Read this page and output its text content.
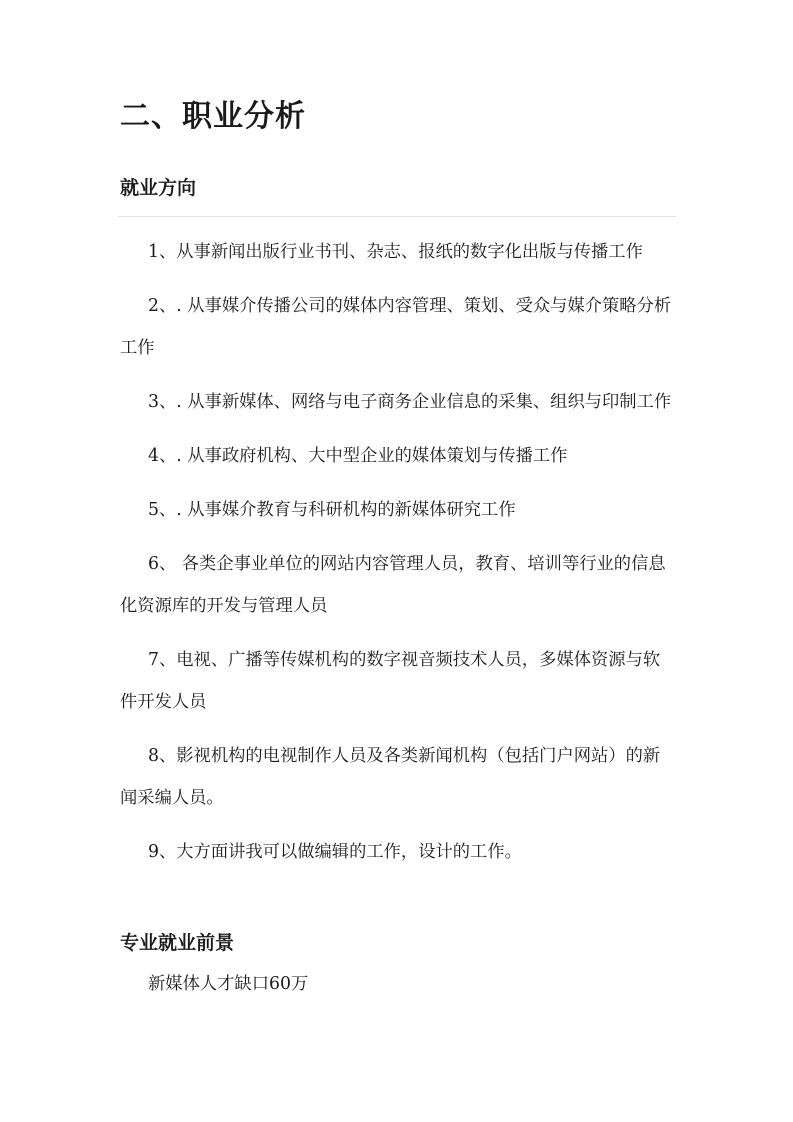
二、职业分析
就业方向
1、从事新闻出版行业书刊、杂志、报纸的数字化出版与传播工作
2、. 从事媒介传播公司的媒体内容管理、策划、受众与媒介策略分析工作
3、. 从事新媒体、网络与电子商务企业信息的采集、组织与印制工作
4、. 从事政府机构、大中型企业的媒体策划与传播工作
5、. 从事媒介教育与科研机构的新媒体研究工作
6、 各类企事业单位的网站内容管理人员，教育、培训等行业的信息化资源库的开发与管理人员
7、电视、广播等传媒机构的数字视音频技术人员，多媒体资源与软件开发人员
8、影视机构的电视制作人员及各类新闻机构（包括门户网站）的新闻采编人员。
9、大方面讲我可以做编辑的工作，设计的工作。
专业就业前景
新媒体人才缺口60万
